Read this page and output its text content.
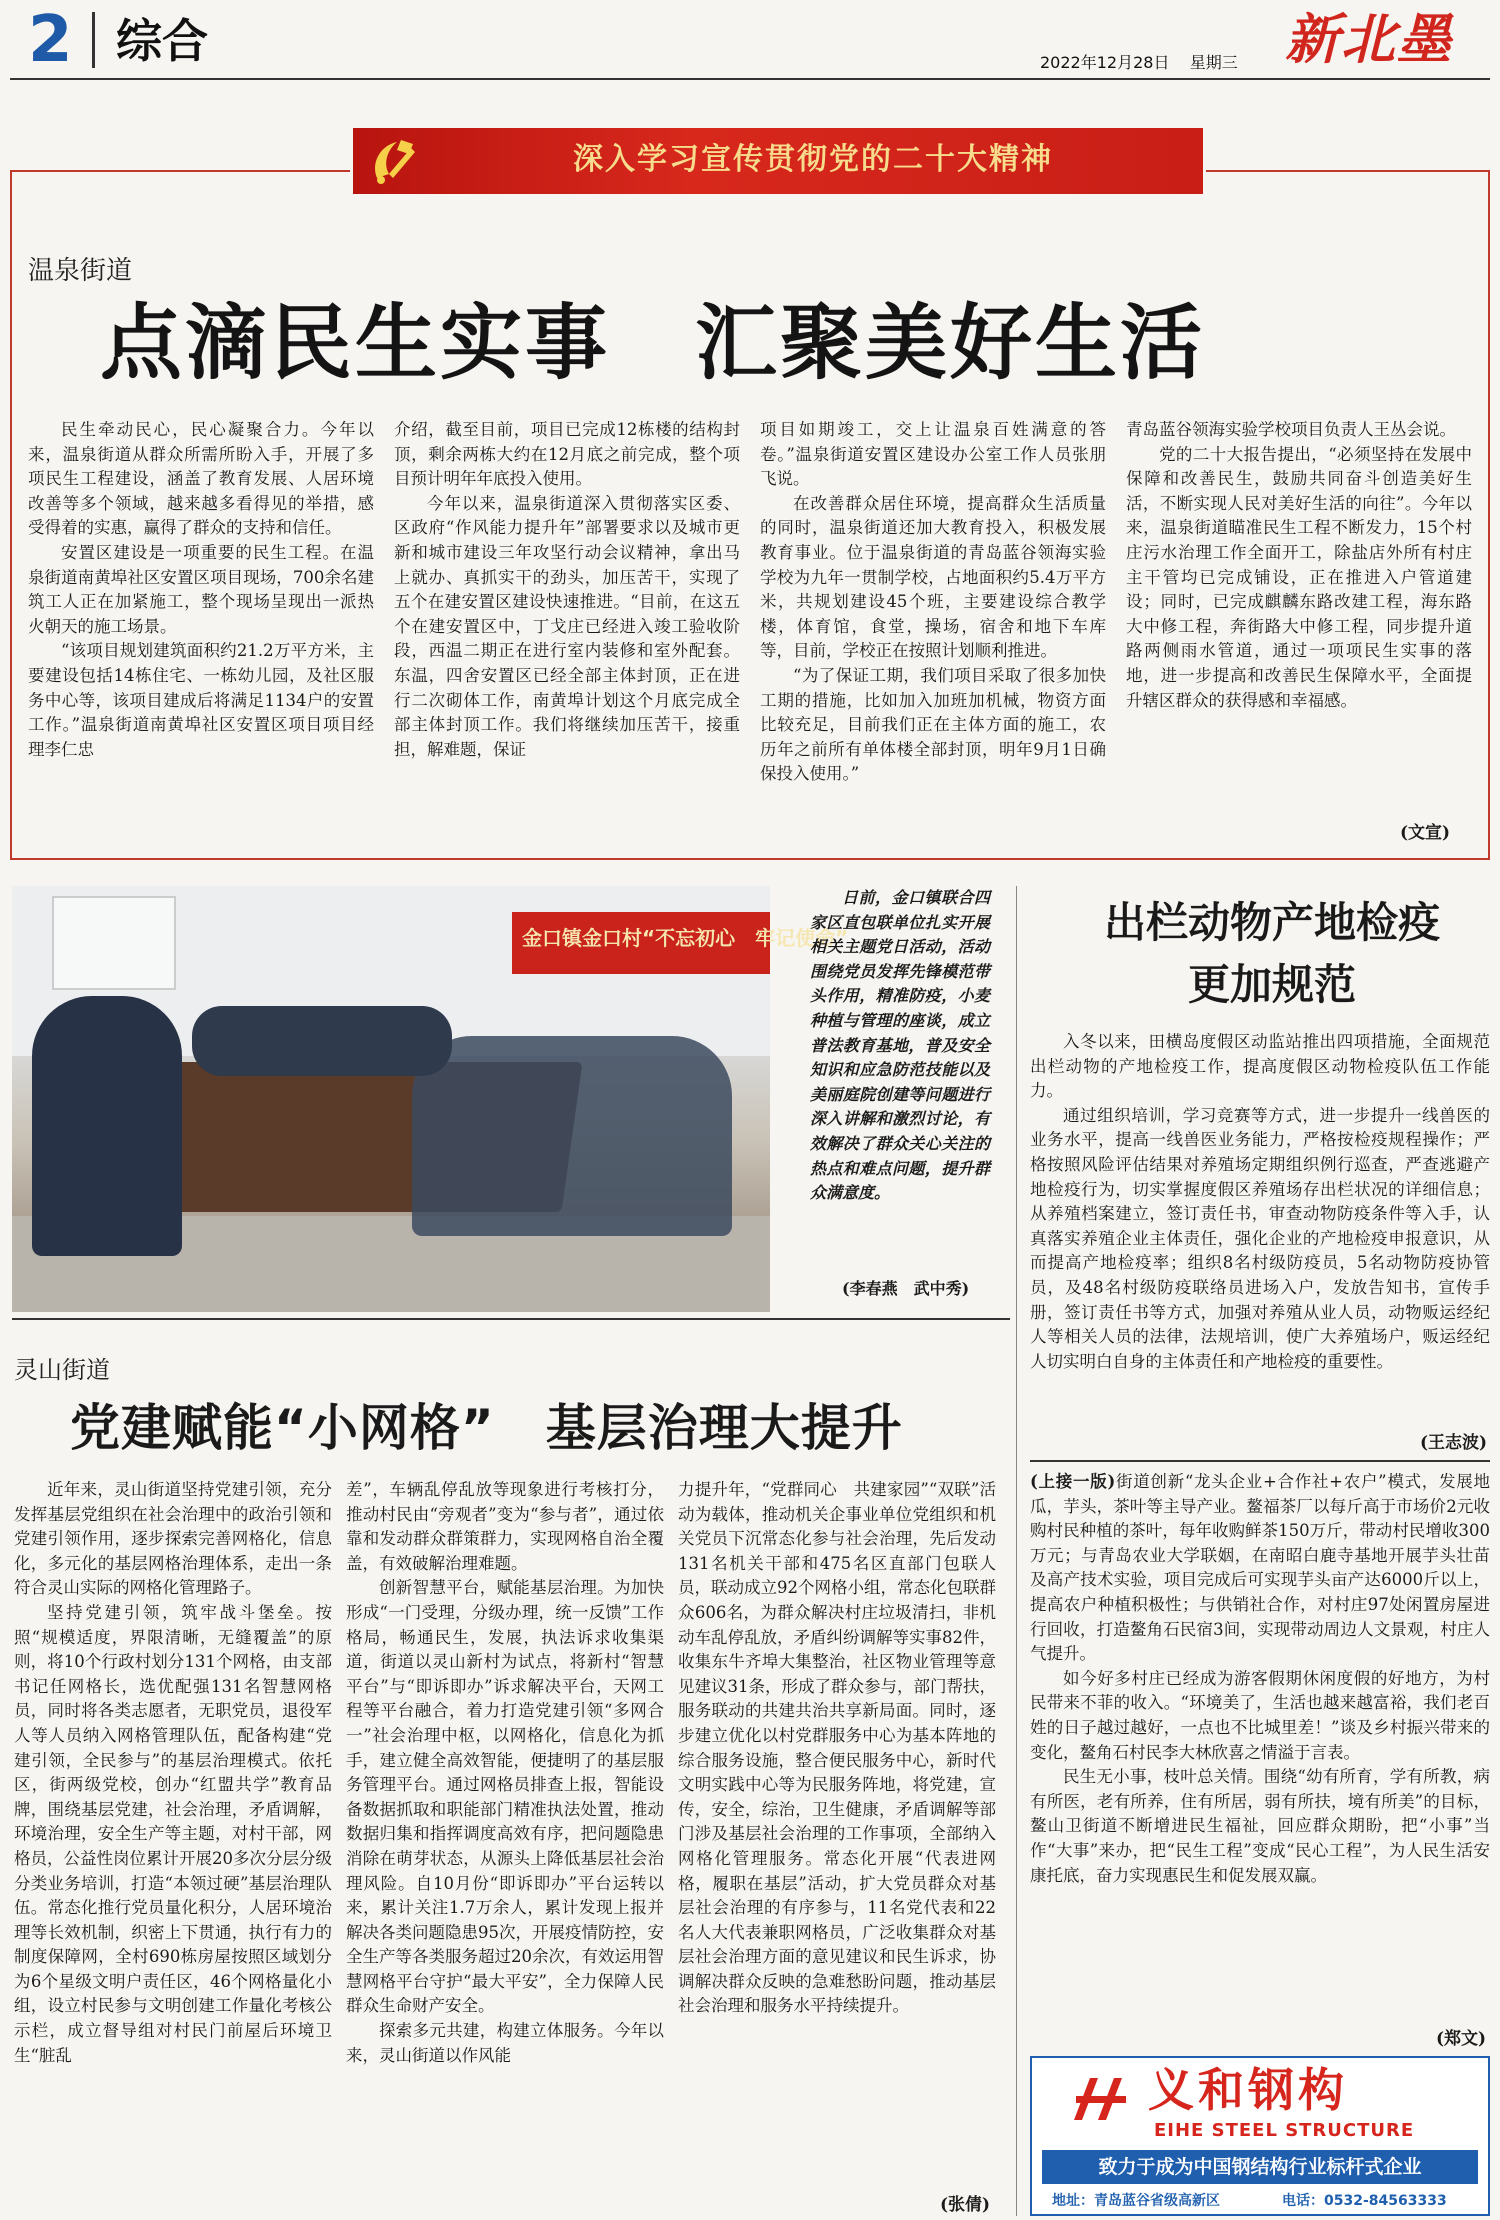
2 综合	2022年12月28日 星期三 新北墨
深入学习宣传贯彻党的二十大精神
温泉街道
点滴民生实事　汇聚美好生活

民生牵动民心，民心凝聚合力。今年以来，温泉街道从群众所需所盼入手，开展了多项民生工程建设，涵盖了教育发展、人居环境改善等多个领域，越来越多看得见的举措，感受得着的实惠，赢得了群众的支持和信任。

安置区建设是一项重要的民生工程。在温泉街道南黄埠社区安置区项目现场，700余名建筑工人正在加紧施工，整个现场呈现出一派热火朝天的施工场景。

“该项目规划建筑面积约21.2万平方米，主要建设包括14栋住宅、一栋幼儿园，及社区服务中心等，该项目建成后将满足1134户的安置工作。”温泉街道南黄埠社区安置区项目项目经理李仁忠

介绍，截至目前，项目已完成12栋楼的结构封顶，剩余两栋大约在12月底之前完成，整个项目预计明年年底投入使用。

今年以来，温泉街道深入贯彻落实区委、区政府“作风能力提升年”部署要求以及城市更新和城市建设三年攻坚行动会议精神，拿出马上就办、真抓实干的劲头，加压苦干，实现了五个在建安置区建设快速推进。“目前，在这五个在建安置区中，丁戈庄已经进入竣工验收阶段，西温二期正在进行室内装修和室外配套。东温，四舍安置区已经全部主体封顶，正在进行二次砌体工作，南黄埠计划这个月底完成全部主体封顶工作。我们将继续加压苦干，接重担，解难题，保证

项目如期竣工，交上让温泉百姓满意的答卷。”温泉街道安置区建设办公室工作人员张朋飞说。

在改善群众居住环境，提高群众生活质量的同时，温泉街道还加大教育投入，积极发展教育事业。位于温泉街道的青岛蓝谷领海实验学校为九年一贯制学校，占地面积约5.4万平方米，共规划建设45个班，主要建设综合教学楼，体育馆，食堂，操场，宿舍和地下车库等，目前，学校正在按照计划顺利推进。

“为了保证工期，我们项目采取了很多加快工期的措施，比如加入加班加机械，物资方面比较充足，目前我们正在主体方面的施工，农历年之前所有单体楼全部封顶，明年9月1日确保投入使用。”

青岛蓝谷领海实验学校项目负责人王丛会说。

党的二十大报告提出，“必须坚持在发展中保障和改善民生，鼓励共同奋斗创造美好生活，不断实现人民对美好生活的向往”。今年以来，温泉街道瞄准民生工程不断发力，15个村庄污水治理工作全面开工，除盐店外所有村庄主干管均已完成铺设，正在推进入户管道建设；同时，已完成麒麟东路改建工程，海东路大中修工程，奔街路大中修工程，同步提升道路两侧雨水管道，通过一项项民生实事的落地，进一步提高和改善民生保障水平，全面提升辖区群众的获得感和幸福感。

(文宣)
金口镇金口村“不忘初心　牢记使命”

日前，金口镇联合四家区直包联单位扎实开展相关主题党日活动，活动围绕党员发挥先锋模范带头作用，精准防疫，小麦种植与管理的座谈，成立普法教育基地，普及安全知识和应急防范技能以及美丽庭院创建等问题进行深入讲解和激烈讨论，有效解决了群众关心关注的热点和难点问题，提升群众满意度。

(李春燕　武中秀)
出栏动物产地检疫
更加规范

入冬以来，田横岛度假区动监站推出四项措施，全面规范出栏动物的产地检疫工作，提高度假区动物检疫队伍工作能力。

通过组织培训，学习竞赛等方式，进一步提升一线兽医的业务水平，提高一线兽医业务能力，严格按检疫规程操作；严格按照风险评估结果对养殖场定期组织例行巡查，严查逃避产地检疫行为，切实掌握度假区养殖场存出栏状况的详细信息；从养殖档案建立，签订责任书，审查动物防疫条件等入手，认真落实养殖企业主体责任，强化企业的产地检疫申报意识，从而提高产地检疫率；组织8名村级防疫员，5名动物防疫协管员，及48名村级防疫联络员进场入户，发放告知书，宣传手册，签订责任书等方式，加强对养殖从业人员，动物贩运经纪人等相关人员的法律，法规培训，使广大养殖场户，贩运经纪人切实明白自身的主体责任和产地检疫的重要性。

(王志波)
灵山街道
党建赋能“小网格”　基层治理大提升

近年来，灵山街道坚持党建引领，充分发挥基层党组织在社会治理中的政治引领和党建引领作用，逐步探索完善网格化，信息化，多元化的基层网格治理体系，走出一条符合灵山实际的网格化管理路子。

坚持党建引领，筑牢战斗堡垒。按照“规模适度，界限清晰，无缝覆盖”的原则，将10个行政村划分131个网格，由支部书记任网格长，选优配强131名智慧网格员，同时将各类志愿者，无职党员，退役军人等人员纳入网格管理队伍，配备构建“党建引领，全民参与”的基层治理模式。依托区，街两级党校，创办“红盟共学”教育品牌，围绕基层党建，社会治理，矛盾调解，环境治理，安全生产等主题，对村干部，网格员，公益性岗位累计开展20多次分层分级分类业务培训，打造“本领过硬”基层治理队伍。常态化推行党员量化积分，人居环境治理等长效机制，织密上下贯通，执行有力的制度保障网，全村690栋房屋按照区域划分为6个星级文明户责任区，46个网格量化小组，设立村民参与文明创建工作量化考核公示栏，成立督导组对村民门前屋后环境卫生“脏乱

差”，车辆乱停乱放等现象进行考核打分，推动村民由“旁观者”变为“参与者”，通过依靠和发动群众群策群力，实现网格自治全覆盖，有效破解治理难题。

创新智慧平台，赋能基层治理。为加快形成“一门受理，分级办理，统一反馈”工作格局，畅通民生，发展，执法诉求收集渠道，街道以灵山新村为试点，将新村“智慧平台”与“即诉即办”诉求解决平台，天网工程等平台融合，着力打造党建引领“多网合一”社会治理中枢，以网格化，信息化为抓手，建立健全高效智能，便捷明了的基层服务管理平台。通过网格员排查上报，智能设备数据抓取和职能部门精准执法处置，推动数据归集和指挥调度高效有序，把问题隐患消除在萌芽状态，从源头上降低基层社会治理风险。自10月份“即诉即办”平台运转以来，累计关注1.7万余人，累计发现上报并解决各类问题隐患95次，开展疫情防控，安全生产等各类服务超过20余次，有效运用智慧网格平台守护“最大平安”，全力保障人民群众生命财产安全。

探索多元共建，构建立体服务。今年以来，灵山街道以作风能

力提升年，“党群同心　共建家园”“双联”活动为载体，推动机关企事业单位党组织和机关党员下沉常态化参与社会治理，先后发动131名机关干部和475名区直部门包联人员，联动成立92个网格小组，常态化包联群众606名，为群众解决村庄垃圾清扫，非机动车乱停乱放，矛盾纠纷调解等实事82件，收集东牛齐埠大集整治，社区物业管理等意见建议31条，形成了群众参与，部门帮扶，服务联动的共建共治共享新局面。同时，逐步建立优化以村党群服务中心为基本阵地的综合服务设施，整合便民服务中心，新时代文明实践中心等为民服务阵地，将党建，宣传，安全，综治，卫生健康，矛盾调解等部门涉及基层社会治理的工作事项，全部纳入网格化管理服务。常态化开展“代表进网格，履职在基层”活动，扩大党员群众对基层社会治理的有序参与，11名党代表和22名人大代表兼职网格员，广泛收集群众对基层社会治理方面的意见建议和民生诉求，协调解决群众反映的急难愁盼问题，推动基层社会治理和服务水平持续提升。

(张倩)

(上接一版)街道创新“龙头企业+合作社+农户”模式，发展地瓜，芋头，茶叶等主导产业。鳌福茶厂以每斤高于市场价2元收购村民种植的茶叶，每年收购鲜茶150万斤，带动村民增收300万元；与青岛农业大学联姻，在南昭白鹿寺基地开展芋头壮苗及高产技术实验，项目完成后可实现芋头亩产达6000斤以上，提高农户种植积极性；与供销社合作，对村庄97处闲置房屋进行回收，打造鳌角石民宿3间，实现带动周边人文景观，村庄人气提升。

如今好多村庄已经成为游客假期休闲度假的好地方，为村民带来不菲的收入。“环境美了，生活也越来越富裕，我们老百姓的日子越过越好，一点也不比城里差！”谈及乡村振兴带来的变化，鳌角石村民李大林欣喜之情溢于言表。

民生无小事，枝叶总关情。围绕“幼有所育，学有所教，病有所医，老有所养，住有所居，弱有所扶，境有所美”的目标，鳌山卫街道不断增进民生福祉，回应群众期盼，把“小事”当作“大事”来办，把“民生工程”变成“民心工程”，为人民生活安康托底，奋力实现惠民生和促发展双赢。

(郑文)
义和钢构
EIHE STEEL STRUCTURE
致力于成为中国钢结构行业标杆式企业
地址：青岛蓝谷省级高新区	电话：0532-84563333
